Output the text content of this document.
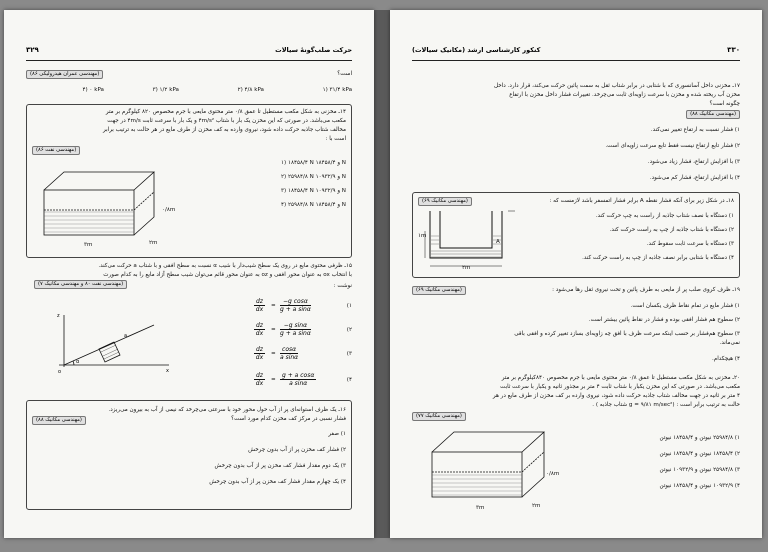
۳۲۹	حرکت صلب‌گونهٔ سیالات
(مهندسی عمران هیدرولیکی ۸۶)	است؟
۱) ۳۱/۴ kPa
۲) ۴/۸ kPa
۳) ۱/۲ kPa
۴) ۰ kPa
۱۴ـ مخزنی به شکل مکعب مستطیل تا عمق ۰/۸ متر محتوی مایعی با جرم مخصوص ۸۲۰ کیلوگرم بر متر
مکعب می‌باشد. در صورتی که این مخزن یک بار با شتاب ۴m/s² و یک بار با سرعت ثابت ۴m/s در جهت
مخالف شتاب جاذبه حرکت داده شود، نیروی وارده به کف مخزن از طرف مایع در هر حالت به ترتیب برابر
است با :
(مهندسی نفت ۸۶)
۱) ۱۸۴۵۸/۴ N و ۱۸۴۵۸/۴ N
۲) ۲۵۹۸۴/۸ N و ۱۰۹۳۲/۹ N
۳) ۱۸۴۵۸/۴ N و ۱۰۹۳۲/۹ N
۴) ۲۵۹۸۴/۸ N و ۱۸۴۵۸/۴ N
۰/۸m
۲m
۳m
۱۵ـ ظرفی محتوی مایع در روی یک سطح شیب‌دار با شیب α نسبت به سطح افقی و با شتاب a حرکت می‌کند.
با انتخاب ox به عنوان محور افقی و oz به عنوان محور قائم می‌توان شیب سطح آزاد مایع را به کدام صورت
نوشت :
(مهندسی نفت ۸۰ و مهندسی مکانیک ۷)
$\frac{dz}{dx} = \frac{\text{−g cosα}}{\text{g + a sinα}}$	۱)
$\frac{dz}{dx} = \frac{\text{−g sinα}}{\text{g + a sinα}}$	۲)
$\frac{dz}{dx} = \frac{\cos\alpha}{\text{a sinα}}$	۳)
$\frac{dz}{dx} = \frac{\text{g + a cosα}}{\text{a sinα}}$	۴)
o
α
x
z
a
۱۶ـ یک ظرف استوانه‌ای پر از آب حول محور خود با سرعتی می‌چرخد که نیمی از آب به بیرون می‌ریزد.
فشار نسبی در مرکز کف مخزن کدام مورد است؟
(مهندسی مکانیک ۸۸)
۱) صفر
۲) فشار کف مخزن پر از آب بدون چرخش
۳) یک دوم مقدار فشار کف مخزن پر از آب بدون چرخش
۴) یک چهارم مقدار فشار کف مخزن پر از آب بدون چرخش
۳۳۰
کنکور کارشناسی ارشد (مکانیک سیالات)
۱۷ـ مخزنی داخل آسانسوری که با شتابی در برابر شتاب ثقل به سمت پائین حرکت می‌کند، قرار دارد. داخل
مخزن آب ریخته شده و مخزن با سرعت زاویه‌ای ثابت می‌چرخد. تغییرات فشار داخل مخزن با ارتفاع
چگونه است؟
(مهندسی مکانیک ۸۸)
۱) فشار نسبت به ارتفاع تغییر نمی‌کند.
۲) فشار تابع ارتفاع نیست فقط تابع سرعت زاویه‌ای است.
۳) با افزایش ارتفاع، فشار زیاد می‌شود.
۴) با افزایش ارتفاع، فشار کم می‌شود.
۱۸ـ در شکل زیر برای آنکه فشار نقطه A برابر فشار اتمسفر باشد لازمست که :
(مهندسی مکانیک ۶۹)
۱) دستگاه با نصف شتاب جاذبه از راست به چپ حرکت کند.
۲) دستگاه با شتاب جاذبه از چپ به راست حرکت کند.
۳) دستگاه با سرعت ثابت سقوط کند.
۴) دستگاه با شتابی برابر نصف جاذبه از چپ به راست حرکت کند.
۱m
۲m
A
۱۹ـ ظرف کروی صلب پر از مایعی به طرف پائین و تحت نیروی ثقل رها می‌شود :
(مهندسی مکانیک ۶۹)
۱) فشار مایع در تمام نقاط ظرف یکسان است.
۲) سطوح هم فشار افقی بوده و فشار در نقاط پائین بیشتر است.
۳) سطوح هم‌فشار بر حسب اینکه سرعت ظرف با افق چه زاویه‌ای بسازد تغییر کرده و افقی باقی
نمی‌ماند.
۴) هیچکدام.
۲۰ـ مخزنی به شکل مکعب مستطیل تا عمق ۰/۸ متر محتوی مایعی با جرم مخصوص ۸۴۰کیلوگرم بر متر
مکعب می‌باشد. در صورتی که این مخزن یکبار با شتاب ثابت ۴ متر بر مجذور ثانیه و یکبار با سرعت ثابت
۴ متر بر ثانیه در جهت مخالف شتاب جاذبه حرکت داده شود، نیروی وارده بر کف مخزن از طرف مایع در هر
حالت به ترتیب برابر است : (g = ۹/۸۱ m/sec² شتاب جاذبه ) .
(مهندسی مکانیک ۷۷)
۱) ۲۵۹۸۴/۸ نیوتن و ۱۸۴۵۸/۴ نیوتن
۲) ۱۸۴۵۸/۴ نیوتن و ۱۸۴۵۸/۴ نیوتن
۳) ۲۵۹۸۴/۸ نیوتن و ۱۰۹۳۲/۹ نیوتن
۴) ۱۰۹۳۲/۹ نیوتن و ۱۸۴۵۸/۴ نیوتن
۰/۸m
۲m
۳m
